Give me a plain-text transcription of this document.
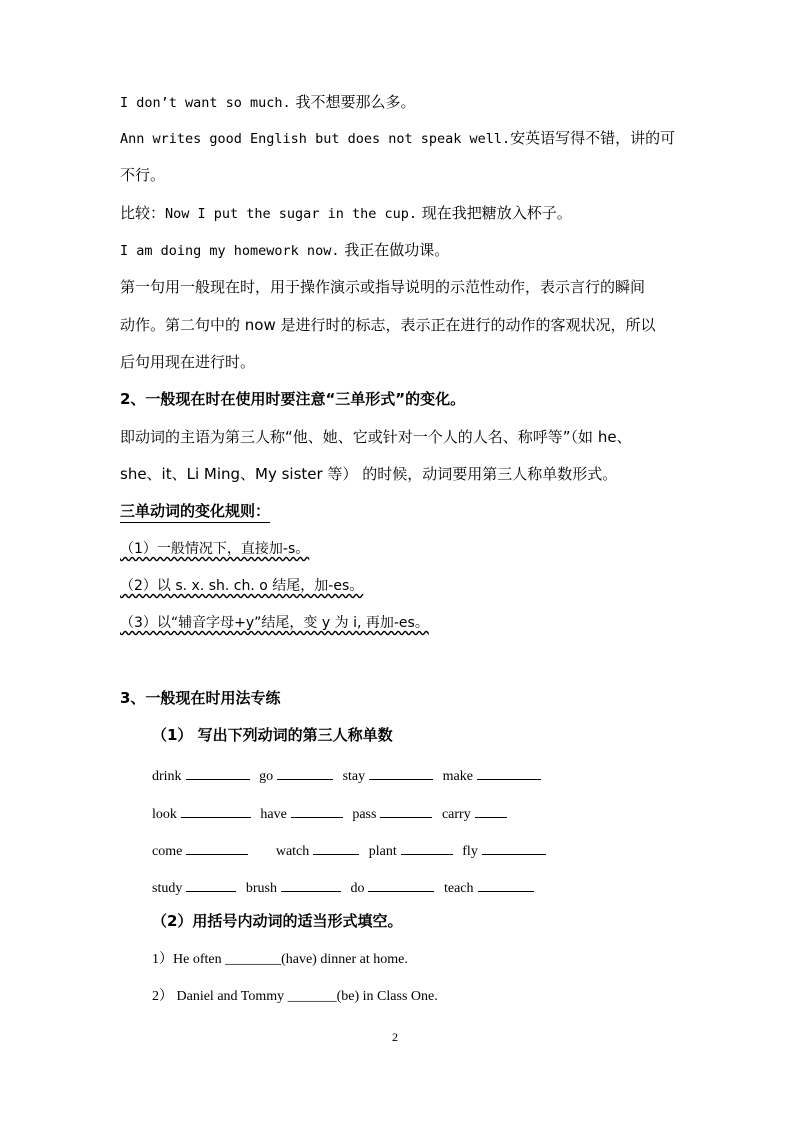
I don’t want so much. 我不想要那么多。
Ann writes good English but does not speak well.安英语写得不错，讲的可
不行。
比较：Now I put the sugar in the cup. 现在我把糖放入杯子。
I am doing my homework now. 我正在做功课。
第一句用一般现在时，用于操作演示或指导说明的示范性动作，表示言行的瞬间
动作。第二句中的 now 是进行时的标志，表示正在进行的动作的客观状况，所以
后句用现在进行时。
2、一般现在时在使用时要注意“三单形式”的变化。
即动词的主语为第三人称“他、她、它或针对一个人的人名、称呼等”（如 he、
she、it、Li Ming、My sister 等） 的时候，动词要用第三人称单数形式。
三单动词的变化规则：
（1）一般情况下，直接加-s。
（2）以 s. x. sh. ch. o 结尾，加-es。
（3）以“辅音字母+y”结尾，变 y 为 i, 再加-es。
3、一般现在时用法专练
（1） 写出下列动词的第三人称单数
drink	go	stay	make
look	have	pass	carry
come	watch	plant	fly
study	brush	do	teach
（2）用括号内动词的适当形式填空。
1）He often ________(have) dinner at home.
2） Daniel and Tommy _______(be) in Class One.
2
